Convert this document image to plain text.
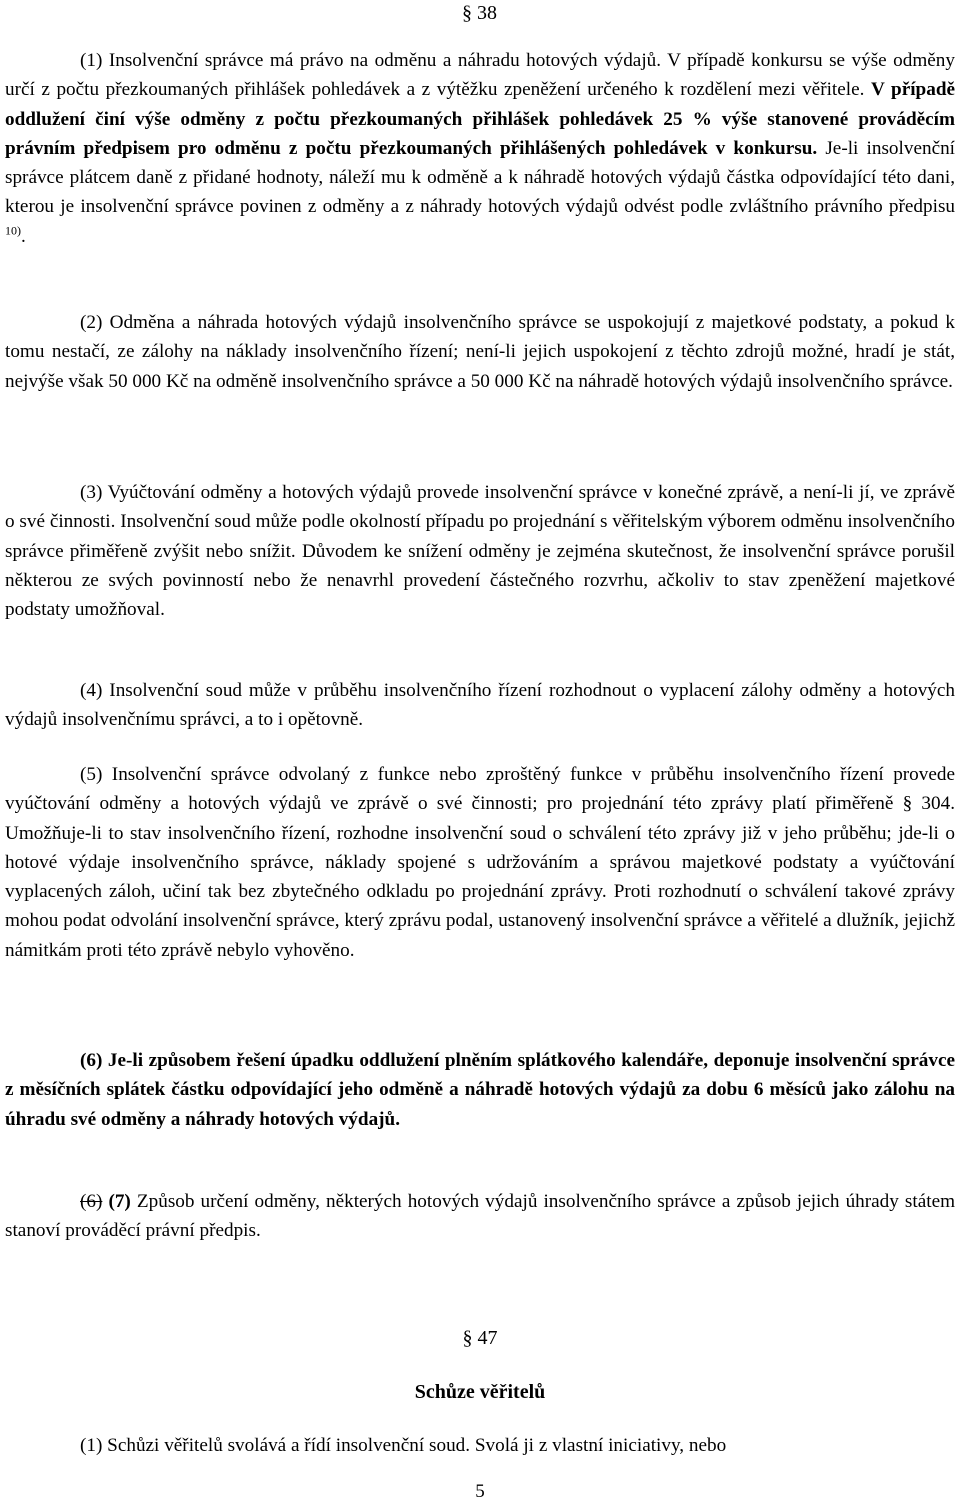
§ 38

(1) Insolvenční správce má právo na odměnu a náhradu hotových výdajů. V případě konkursu se výše odměny určí z počtu přezkoumaných přihlášek pohledávek a z výtěžku zpeněžení určeného k rozdělení mezi věřitele. V případě oddlužení činí výše odměny z počtu přezkoumaných přihlášek pohledávek 25 % výše stanovené prováděcím právním předpisem pro odměnu z počtu přezkoumaných přihlášených pohledávek v konkursu. Je-li insolvenční správce plátcem daně z přidané hodnoty, náleží mu k odměně a k náhradě hotových výdajů částka odpovídající této dani, kterou je insolvenční správce povinen z odměny a z náhrady hotových výdajů odvést podle zvláštního právního předpisu $^{10)}$.

(2) Odměna a náhrada hotových výdajů insolvenčního správce se uspokojují z majetkové podstaty, a pokud k tomu nestačí, ze zálohy na náklady insolvenčního řízení; není-li jejich uspokojení z těchto zdrojů možné, hradí je stát, nejvýše však 50 000 Kč na odměně insolvenčního správce a 50 000 Kč na náhradě hotových výdajů insolvenčního správce.

(3) Vyúčtování odměny a hotových výdajů provede insolvenční správce v konečné zprávě, a není-li jí, ve zprávě o své činnosti. Insolvenční soud může podle okolností případu po projednání s věřitelským výborem odměnu insolvenčního správce přiměřeně zvýšit nebo snížit. Důvodem ke snížení odměny je zejména skutečnost, že insolvenční správce porušil některou ze svých povinností nebo že nenavrhl provedení částečného rozvrhu, ačkoliv to stav zpeněžení majetkové podstaty umožňoval.

(4) Insolvenční soud může v průběhu insolvenčního řízení rozhodnout o vyplacení zálohy odměny a hotových výdajů insolvenčnímu správci, a to i opětovně.

(5) Insolvenční správce odvolaný z funkce nebo zproštěný funkce v průběhu insolvenčního řízení provede vyúčtování odměny a hotových výdajů ve zprávě o své činnosti; pro projednání této zprávy platí přiměřeně § 304. Umožňuje-li to stav insolvenčního řízení, rozhodne insolvenční soud o schválení této zprávy již v jeho průběhu; jde-li o hotové výdaje insolvenčního správce, náklady spojené s udržováním a správou majetkové podstaty a vyúčtování vyplacených záloh, učiní tak bez zbytečného odkladu po projednání zprávy. Proti rozhodnutí o schválení takové zprávy mohou podat odvolání insolvenční správce, který zprávu podal, ustanovený insolvenční správce a věřitelé a dlužník, jejichž námitkám proti této zprávě nebylo vyhověno.

(6) Je-li způsobem řešení úpadku oddlužení plněním splátkového kalendáře, deponuje insolvenční správce z měsíčních splátek částku odpovídající jeho odměně a náhradě hotových výdajů za dobu 6 měsíců jako zálohu na úhradu své odměny a náhrady hotových výdajů.

(6) (7) Způsob určení odměny, některých hotových výdajů insolvenčního správce a způsob jejich úhrady státem stanoví prováděcí právní předpis.

§ 47
Schůze věřitelů

(1) Schůzi věřitelů svolává a řídí insolvenční soud. Svolá ji z vlastní iniciativy, nebo

5
